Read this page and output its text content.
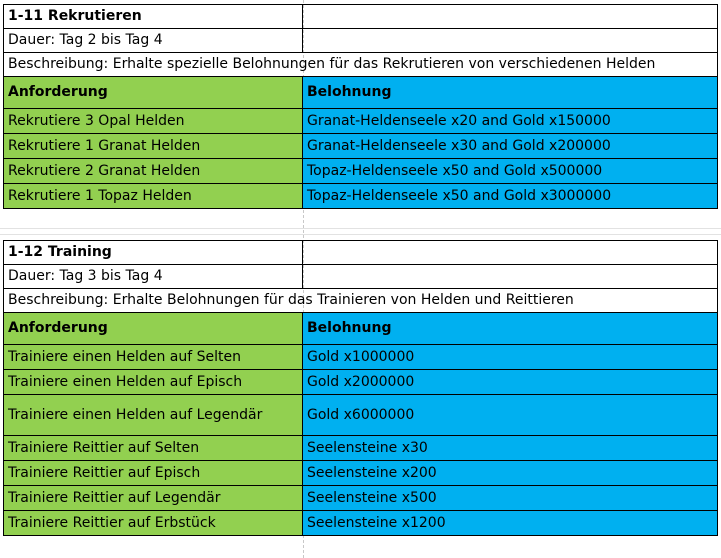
1-11 Rekrutieren	
Dauer: Tag 2 bis Tag 4	
Beschreibung: Erhalte spezielle Belohnungen für das Rekrutieren von verschiedenen Helden	
Anforderung	Belohnung
Rekrutiere 3 Opal Helden	Granat-Heldenseele x20 and Gold x150000
Rekrutiere 1 Granat Helden	Granat-Heldenseele x30 and Gold x200000
Rekrutiere 2 Granat Helden	Topaz-Heldenseele x50 and Gold x500000
Rekrutiere 1 Topaz Helden	Topaz-Heldenseele x50 and Gold x3000000
1-12 Training	
Dauer: Tag 3 bis Tag 4	
Beschreibung: Erhalte Belohnungen für das Trainieren von Helden und Reittieren	
Anforderung	Belohnung
Trainiere einen Helden auf Selten	Gold x1000000
Trainiere einen Helden auf Episch	Gold x2000000
Trainiere einen Helden auf Legendär	Gold x6000000
Trainiere Reittier auf Selten	Seelensteine x30
Trainiere Reittier auf Episch	Seelensteine x200
Trainiere Reittier auf Legendär	Seelensteine x500
Trainiere Reittier auf Erbstück	Seelensteine x1200
